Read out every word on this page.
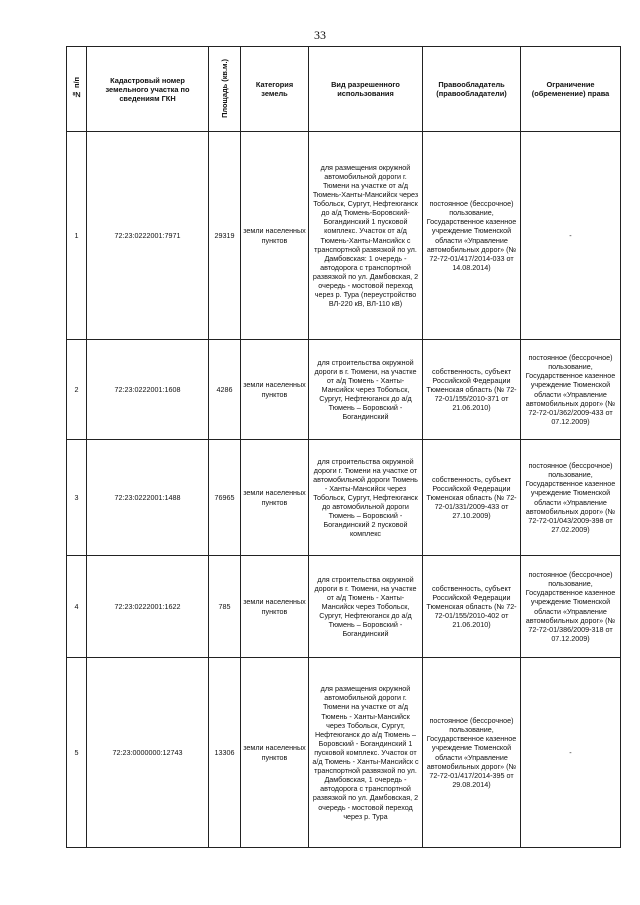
33
№ п/п	Кадастровый номер земельного участка по сведениям ГКН	Площадь (кв.м.)	Категория земель	Вид разрешенного использования	Правообладатель (правообладатели)	Ограничение (обременение) права
1	72:23:0222001:7971	29319	земли населенных пунктов	для размещения окружной автомобильной дороги г. Тюмени на участке от а/д Тюмень-Ханты-Мансийск через Тобольск, Сургут, Нефтеюганск до а/д Тюмень-Боровский-Богандинский 1 пусковой комплекс. Участок от а/д Тюмень-Ханты-Мансийск с транспортной развязкой по ул. Дамбовская: 1 очередь - автодорога с транспортной развязкой по ул. Дамбовская, 2 очередь - мостовой переход через р. Тура (переустройство ВЛ-220 кВ, ВЛ-110 кВ)	постоянное (бессрочное) пользование, Государственное казенное учреждение Тюменской области «Управление автомобильных дорог» (№ 72-72-01/417/2014-033 от 14.08.2014)	-
2	72:23:0222001:1608	4286	земли населенных пунктов	для строительства окружной дороги в г. Тюмени, на участке от а/д Тюмень - Ханты-Мансийск через Тобольск, Сургут, Нефтеюганск до а/д Тюмень – Боровский - Богандинский	собственность, субъект Российской Федерации Тюменская область (№ 72-72-01/155/2010-371 от 21.06.2010)	постоянное (бессрочное) пользование, Государственное казенное учреждение Тюменской области «Управление автомобильных дорог» (№ 72-72-01/362/2009-433 от 07.12.2009)
3	72:23:0222001:1488	76965	земли населенных пунктов	для строительства окружной дороги г. Тюмени на участке от автомобильной дороги Тюмень - Ханты-Мансийск через Тобольск, Сургут, Нефтеюганск до автомобильной дороги Тюмень – Боровский - Богандинский 2 пусковой комплекс	собственность, субъект Российской Федерации Тюменская область (№ 72-72-01/331/2009-433 от 27.10.2009)	постоянное (бессрочное) пользование, Государственное казенное учреждение Тюменской области «Управление автомобильных дорог» (№ 72-72-01/043/2009-398 от 27.02.2009)
4	72:23:0222001:1622	785	земли населенных пунктов	для строительства окружной дороги в г. Тюмени, на участке от а/д Тюмень - Ханты-Мансийск через Тобольск, Сургут, Нефтеюганск до а/д Тюмень – Боровский - Богандинский	собственность, субъект Российской Федерации Тюменская область (№ 72-72-01/155/2010-402 от 21.06.2010)	постоянное (бессрочное) пользование, Государственное казенное учреждение Тюменской области «Управление автомобильных дорог» (№ 72-72-01/386/2009-318 от 07.12.2009)
5	72:23:0000000:12743	13306	земли населенных пунктов	для размещения окружной автомобильной дороги г. Тюмени на участке от а/д Тюмень - Ханты-Мансийск через Тобольск, Сургут, Нефтеюганск до а/д Тюмень – Боровский - Богандинский 1 пусковой комплекс. Участок от а/д Тюмень - Ханты-Мансийск с транспортной развязкой по ул. Дамбовская, 1 очередь - автодорога с транспортной развязкой по ул. Дамбовская, 2 очередь - мостовой переход через р. Тура	постоянное (бессрочное) пользование, Государственное казенное учреждение Тюменской области «Управление автомобильных дорог» (№ 72-72-01/417/2014-395 от 29.08.2014)	-
